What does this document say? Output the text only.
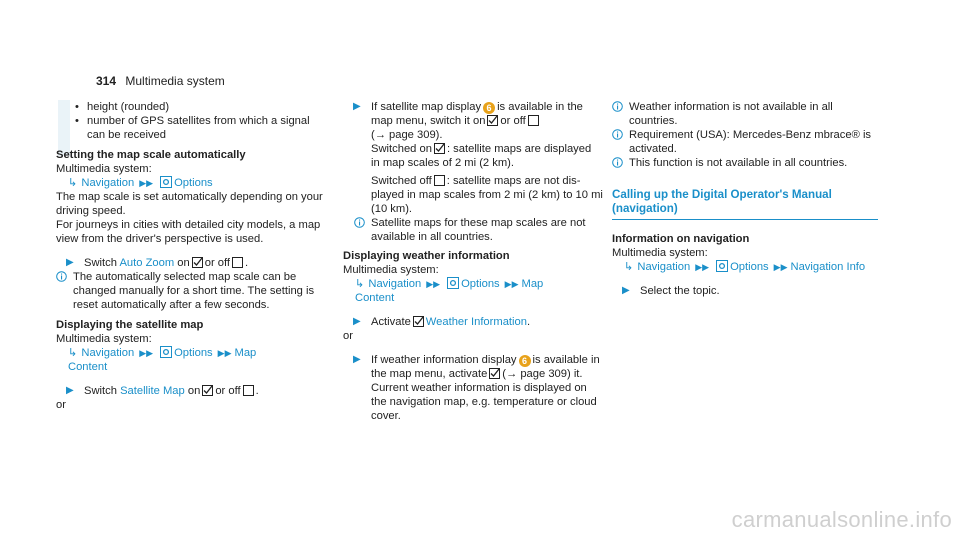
314 Multimedia system

• height (rounded)

• number of GPS satellites from which a signal can be received

Setting the map scale automatically

Multimedia system:

↳ Navigation ▶▶ Options

The map scale is set automatically depending on your driving speed.

For journeys in cities with detailed city models, a map view from the driver's perspective is used.

▶ Switch Auto Zoom on or off .

The automatically selected map scale can be changed manually for a short time. The setting is reset automatically after a few seconds.

Displaying the satellite map

Multimedia system:

↳ Navigation ▶▶ Options ▶▶ Map

Content

▶ Switch Satellite Map on or off .

or

▶ If satellite map display 6 is available in the map menu, switch it on or off
(→ page 309).
Switched on : satellite maps are displayed in map scales of 2 mi (2 km).

Switched off : satellite maps are not displayed in map scales from 2 mi (2 km) to 10 mi (10 km).

Satellite maps for these map scales are not available in all countries.

Displaying weather information

Multimedia system:

↳ Navigation ▶▶ Options ▶▶ Map

Content

▶ Activate Weather Information.

or

▶ If weather information display 6 is available in the map menu, activate (→ page 309) it.
Current weather information is displayed on the navigation map, e.g. temperature or cloud cover.

Weather information is not available in all countries.

Requirement (USA): Mercedes-Benz mbrace® is activated.

This function is not available in all countries.

Calling up the Digital Operator's Manual (navigation)

Information on navigation

Multimedia system:

↳ Navigation ▶▶ Options ▶▶ Navigation Info

▶ Select the topic.

carmanualsonline.info
